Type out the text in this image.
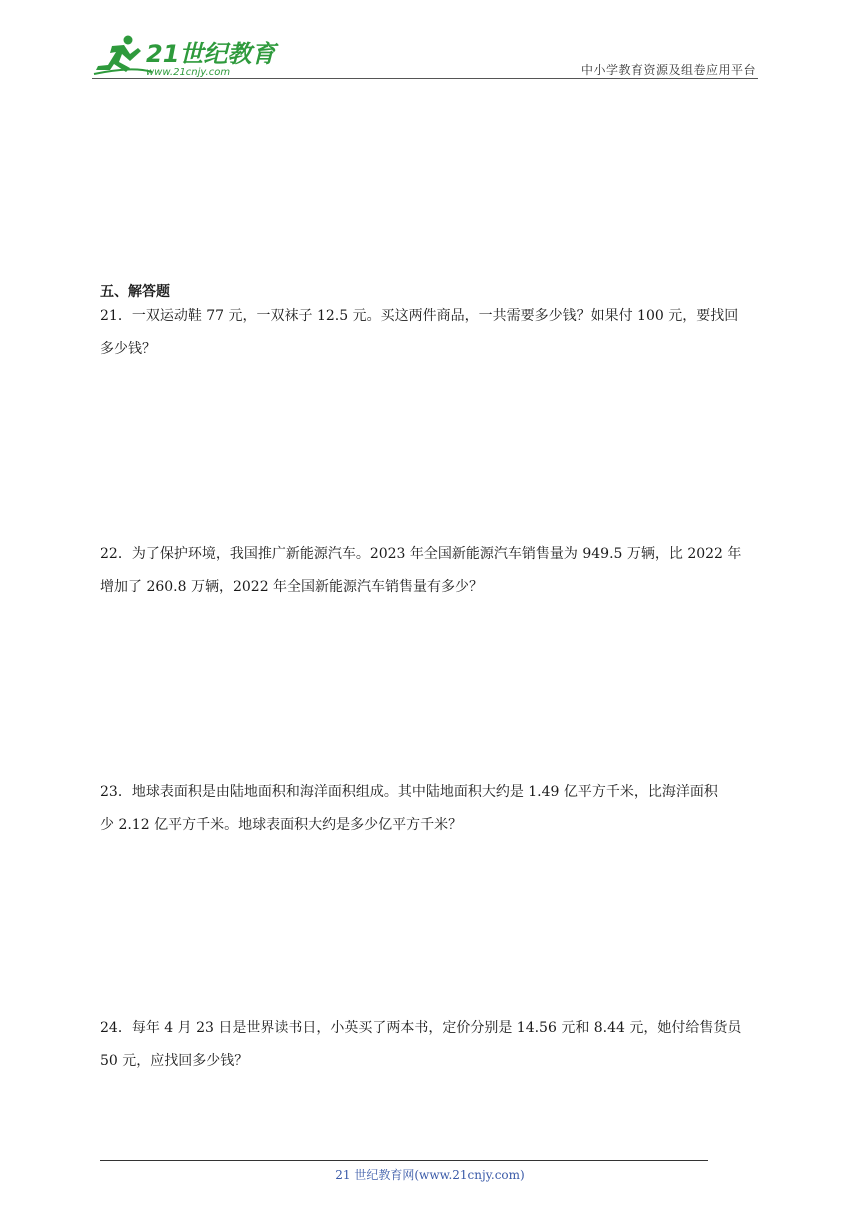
21世纪教育
www.21cnjy.com	中小学教育资源及组卷应用平台
五、解答题

21．一双运动鞋 77 元，一双袜子 12.5 元。买这两件商品，一共需要多少钱？如果付 100 元，要找回

多少钱？

22．为了保护环境，我国推广新能源汽车。2023 年全国新能源汽车销售量为 949.5 万辆，比 2022 年

增加了 260.8 万辆，2022 年全国新能源汽车销售量有多少？

23．地球表面积是由陆地面积和海洋面积组成。其中陆地面积大约是 1.49 亿平方千米，比海洋面积

少 2.12 亿平方千米。地球表面积大约是多少亿平方千米？

24．每年 4 月 23 日是世界读书日，小英买了两本书，定价分别是 14.56 元和 8.44 元，她付给售货员

50 元，应找回多少钱？

21 世纪教育网(www.21cnjy.com)
